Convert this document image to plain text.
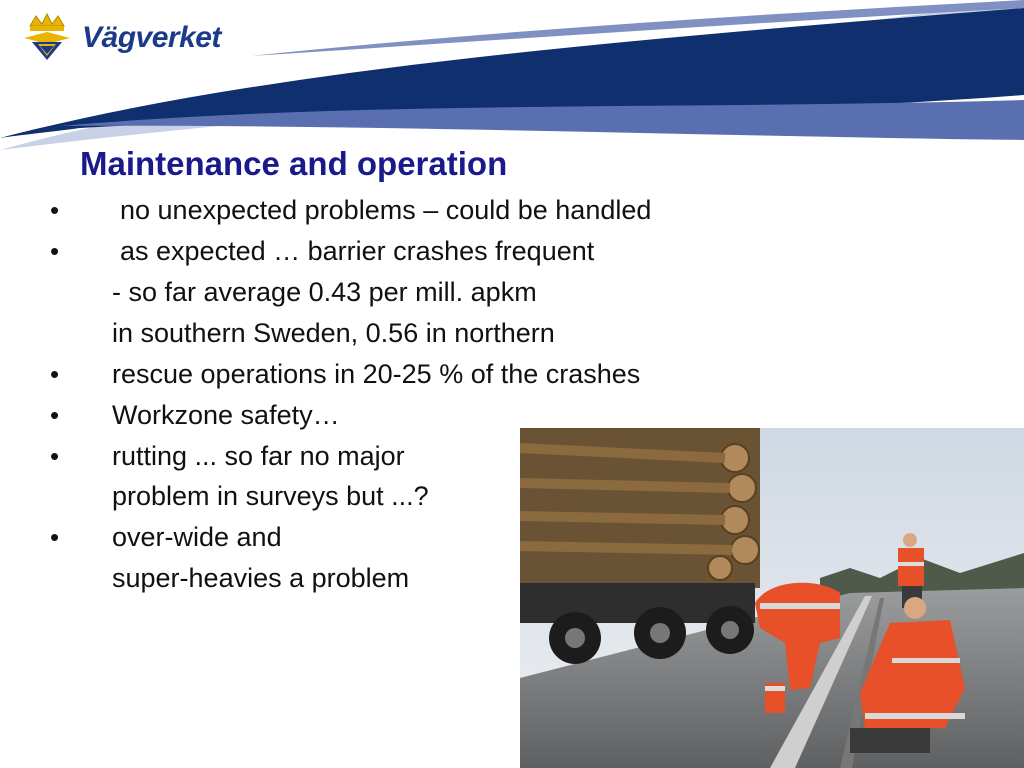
Vägverket
Maintenance and operation
• no unexpected problems – could be handled
• as expected … barrier crashes frequent
- so far average 0.43 per mill. apkm
in southern Sweden, 0.56 in northern
• rescue operations in 20-25 % of the crashes
• Workzone safety…
• rutting ... so far no major
problem in surveys but ...?
• over-wide and
super-heavies a problem
